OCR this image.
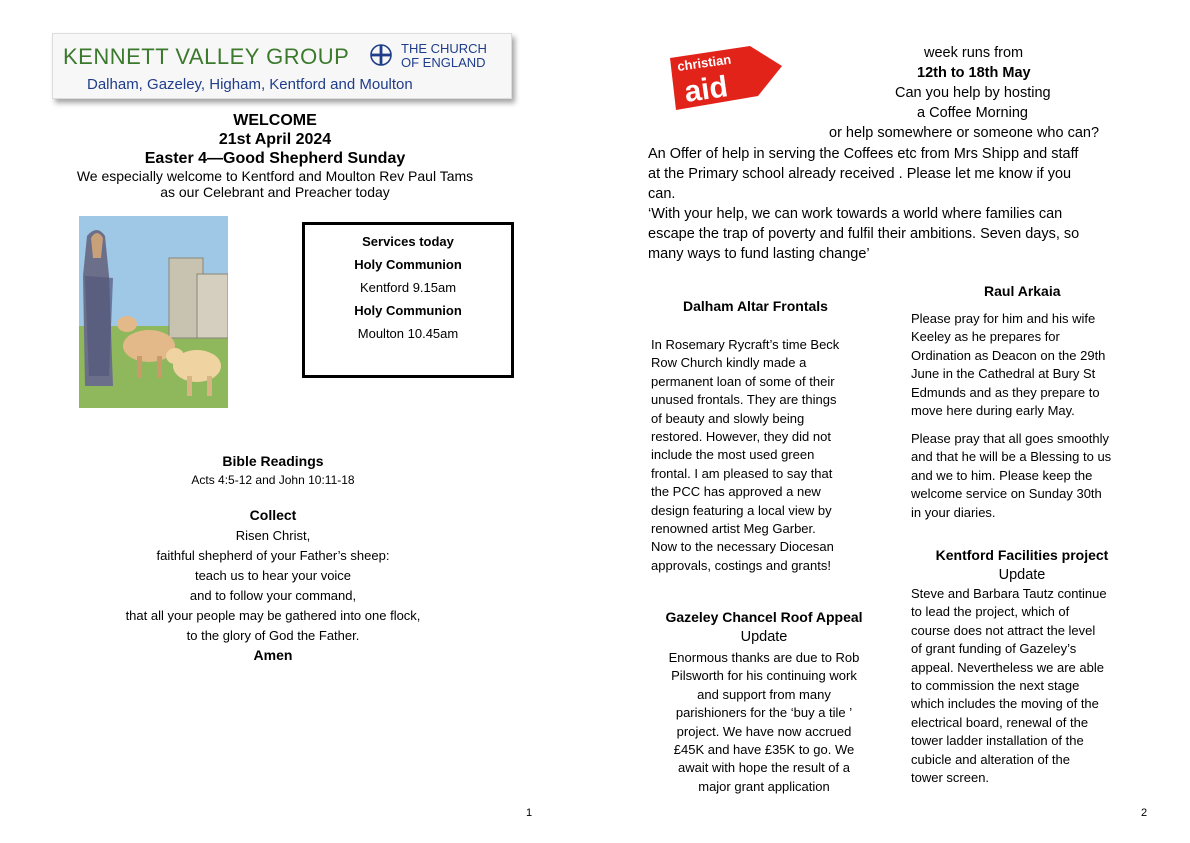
KENNETT VALLEY GROUP	THE CHURCH
OF ENGLAND
Dalham, Gazeley, Higham, Kentford and Moulton
WELCOME
21st April 2024
Easter 4—Good Shepherd Sunday
We especially welcome to Kentford and Moulton Rev Paul Tams
as our Celebrant and Preacher today
Services today
Holy Communion
Kentford 9.15am
Holy Communion
Moulton 10.45am
Bible Readings
Acts 4:5-12 and John 10:11-18
Collect
Risen Christ,
faithful shepherd of your Father’s sheep:
teach us to hear your voice
and to follow your command,
that all your people may be gathered into one flock,
to the glory of God the Father.
Amen
1
christian
aid
week runs from
12th to 18th May
Can you help by hosting
a Coffee Morning
or help somewhere or someone who can?
An Offer of help in serving the Coffees etc from Mrs Shipp and staff
at the Primary school already received . Please let me know if you
can.
‘With your help, we can work towards a world where families can
escape the trap of poverty and fulfil their ambitions. Seven days, so
many ways to fund lasting change’
Dalham Altar Frontals
In Rosemary Rycraft’s time Beck
Row Church kindly made a
permanent loan of some of their
unused frontals. They are things
of beauty and slowly being
restored. However, they did not
include the most used green
frontal. I am pleased to say that
the PCC has approved a new
design featuring a local view by
renowned artist Meg Garber.
Now to the necessary Diocesan
approvals, costings and grants!
Gazeley Chancel Roof Appeal
Update
Enormous thanks are due to Rob
Pilsworth for his continuing work
and support from many
parishioners for the ‘buy a tile ’
project. We have now accrued
£45K and have £35K to go. We
await with hope the result of a
major grant application
Raul Arkaia
Please pray for him and his wife
Keeley as he prepares for
Ordination as Deacon on the 29th
June in the Cathedral at Bury St
Edmunds and as they prepare to
move here during early May.
Please pray that all goes smoothly
and that he will be a Blessing to us
and we to him. Please keep the
welcome service on Sunday 30th
in your diaries.
Kentford Facilities project
Update
Steve and Barbara Tautz continue
to lead the project, which of
course does not attract the level
of grant funding of Gazeley’s
appeal. Nevertheless we are able
to commission the next stage
which includes the moving of the
electrical board, renewal of the
tower ladder installation of the
cubicle and alteration of the
tower screen.
2
